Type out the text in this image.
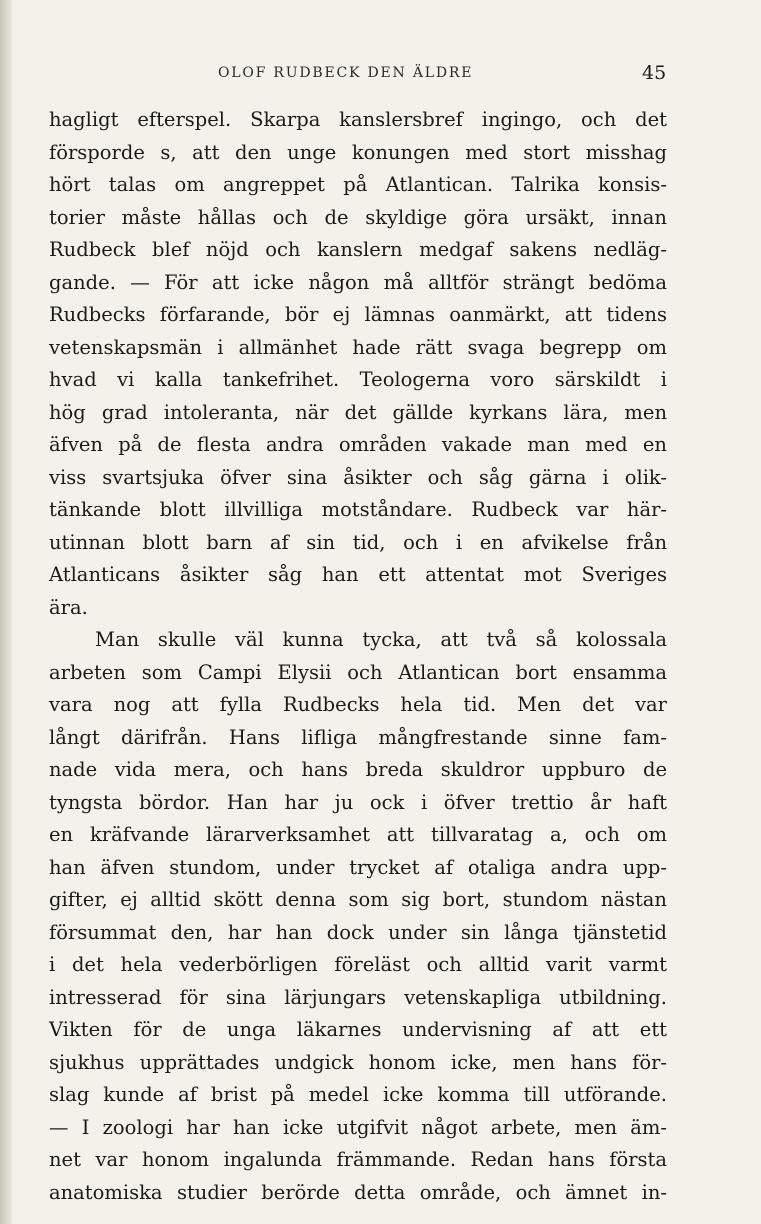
OLOF RUDBECK DEN ÄLDRE	45
hagligt efterspel. Skarpa kanslersbref ingingo, och det
försporde s, att den unge konungen med stort misshag
hört talas om angreppet på Atlantican. Talrika konsis-
torier måste hållas och de skyldige göra ursäkt, innan
Rudbeck blef nöjd och kanslern medgaf sakens nedläg-
gande. — För att icke någon må alltför strängt bedöma
Rudbecks förfarande, bör ej lämnas oanmärkt, att tidens
vetenskapsmän i allmänhet hade rätt svaga begrepp om
hvad vi kalla tankefrihet. Teologerna voro särskildt i
hög grad intoleranta, när det gällde kyrkans lära, men
äfven på de flesta andra områden vakade man med en
viss svartsjuka öfver sina åsikter och såg gärna i olik-
tänkande blott illvilliga motståndare. Rudbeck var här-
utinnan blott barn af sin tid, och i en afvikelse från
Atlanticans åsikter såg han ett attentat mot Sveriges
ära.
Man skulle väl kunna tycka, att två så kolossala
arbeten som Campi Elysii och Atlantican bort ensamma
vara nog att fylla Rudbecks hela tid. Men det var
långt därifrån. Hans lifliga mångfrestande sinne fam-
nade vida mera, och hans breda skuldror uppburo de
tyngsta bördor. Han har ju ock i öfver trettio år haft
en kräfvande lärarverksamhet att tillvaratag a, och om
han äfven stundom, under trycket af otaliga andra upp-
gifter, ej alltid skött denna som sig bort, stundom nästan
försummat den, har han dock under sin långa tjänstetid
i det hela vederbörligen föreläst och alltid varit varmt
intresserad för sina lärjungars vetenskapliga utbildning.
Vikten för de unga läkarnes undervisning af att ett
sjukhus upprättades undgick honom icke, men hans för-
slag kunde af brist på medel icke komma till utförande.
— I zoologi har han icke utgifvit något arbete, men äm-
net var honom ingalunda främmande. Redan hans första
anatomiska studier berörde detta område, och ämnet in-
